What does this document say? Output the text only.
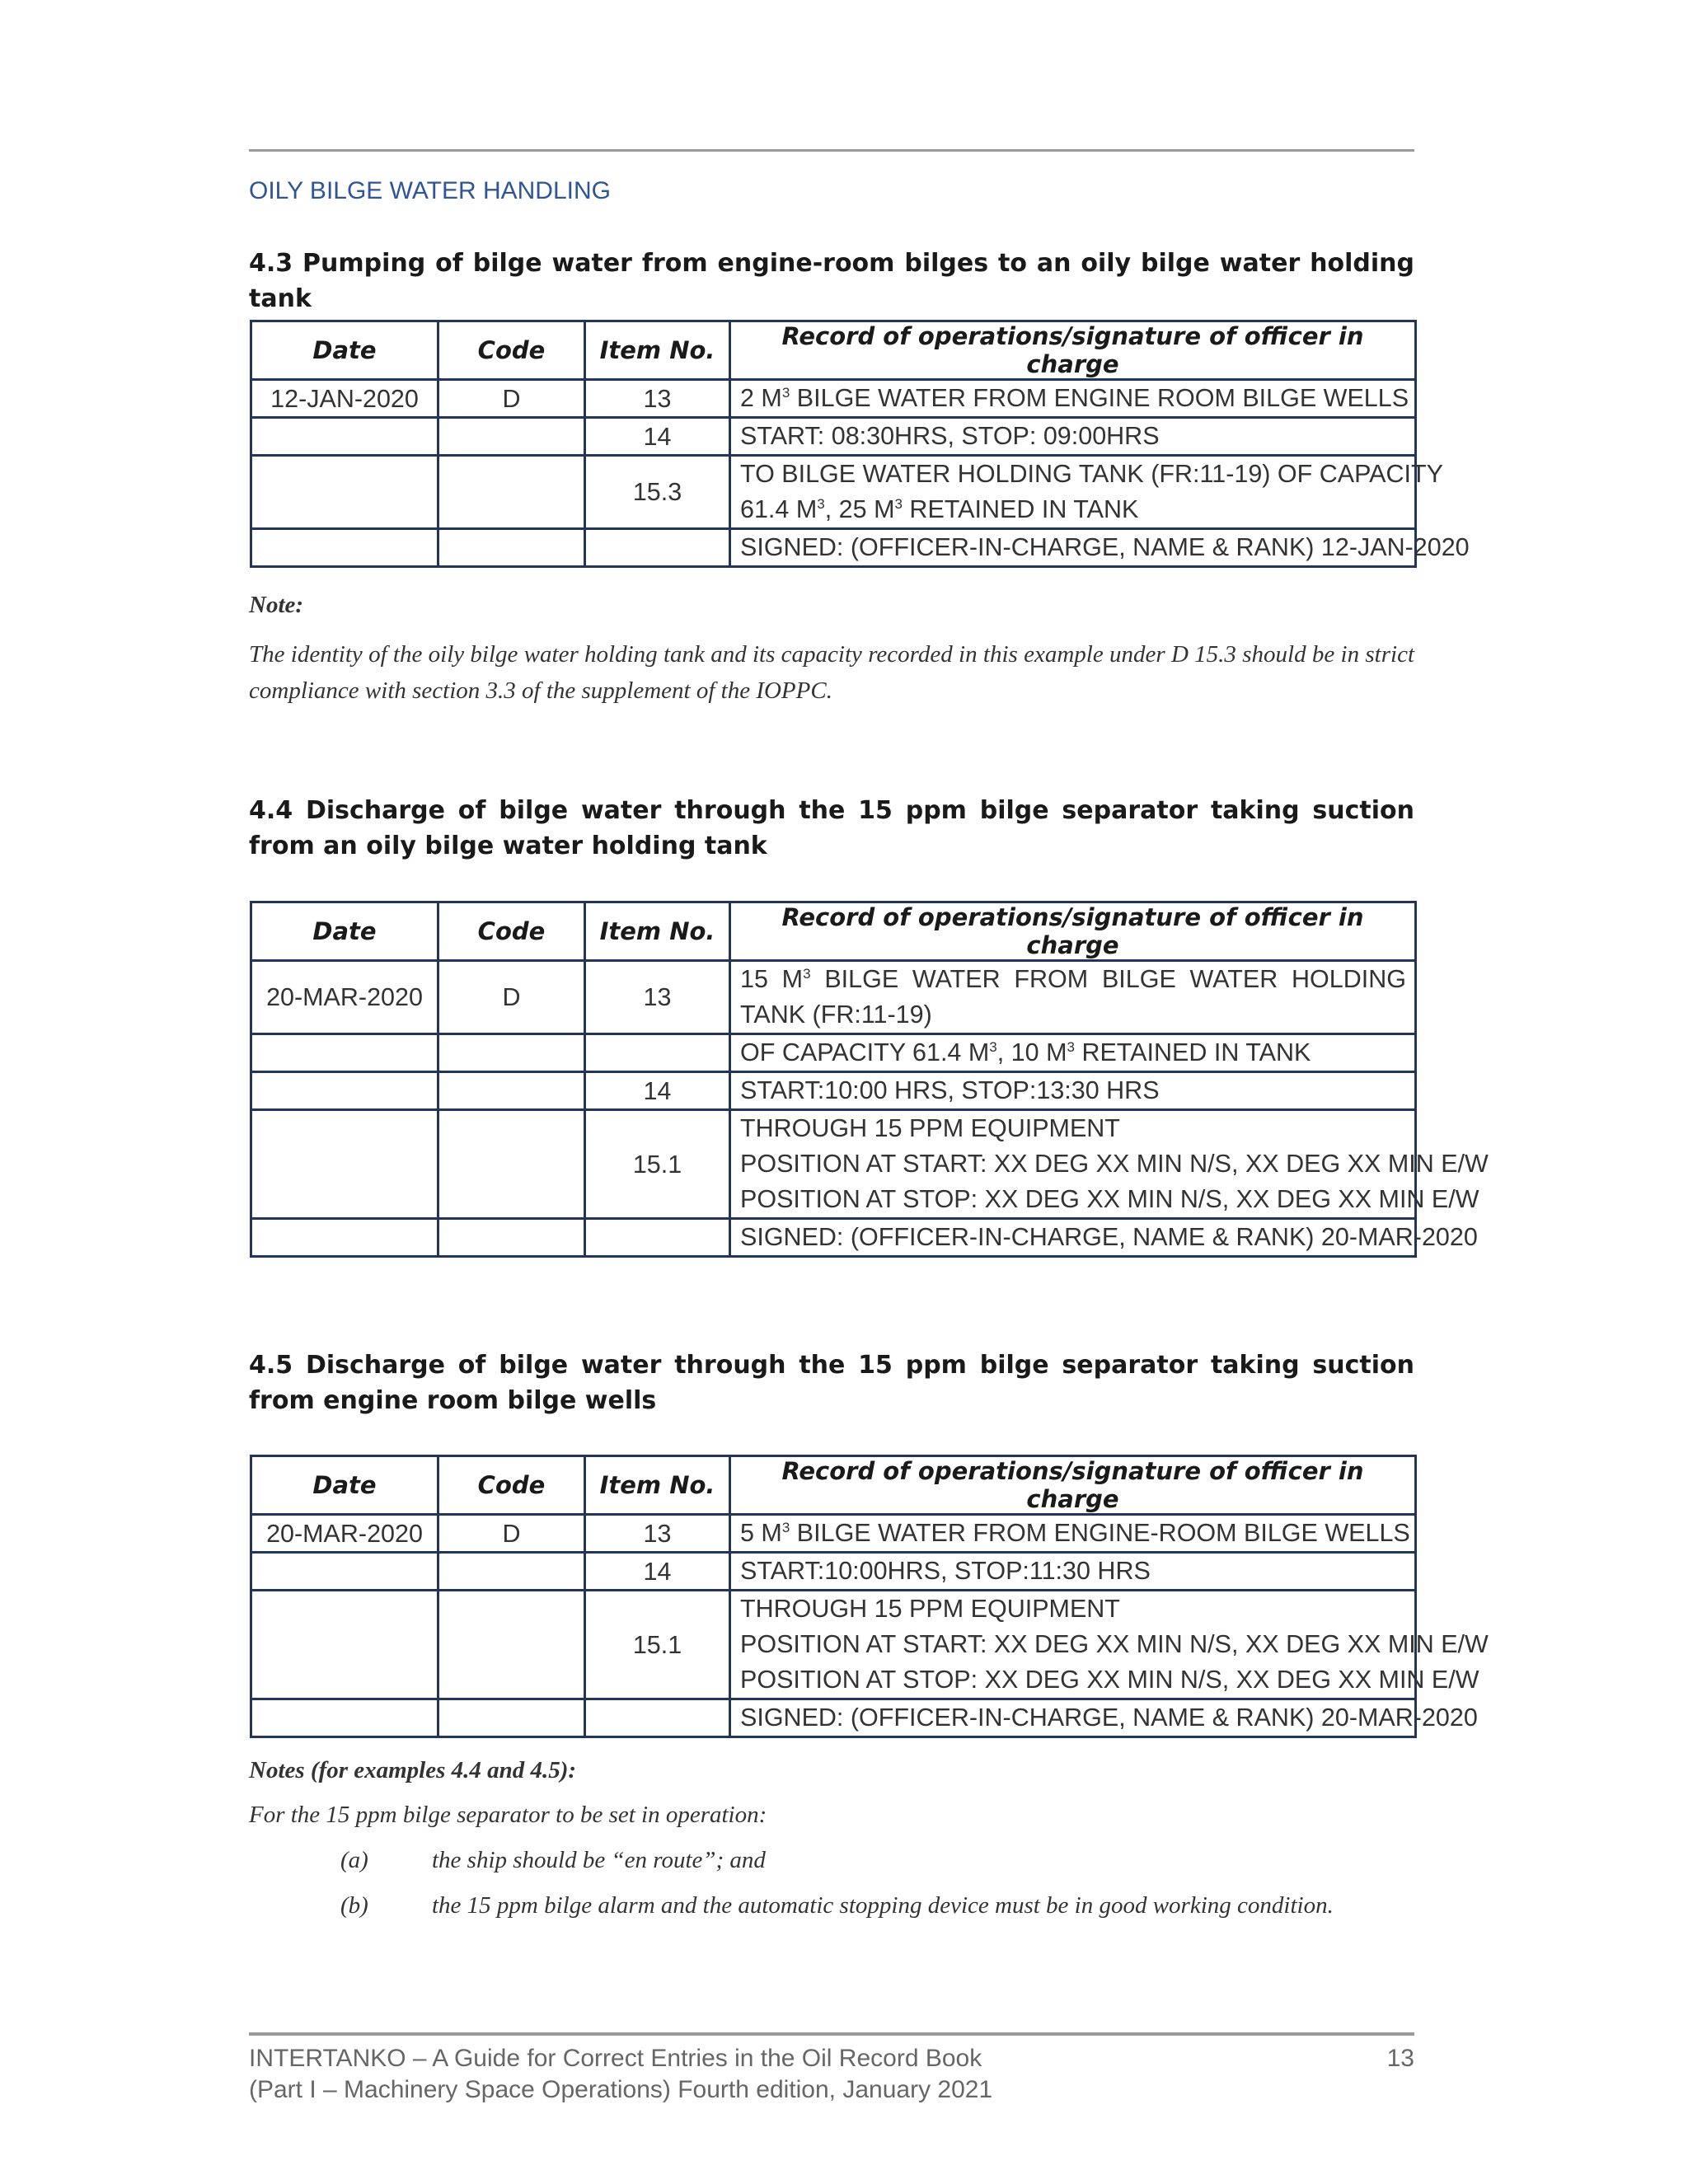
OILY BILGE WATER HANDLING
4.3 Pumping of bilge water from engine-room bilges to an oily bilge water holding tank
Date	Code	Item No.	Record of operations/signature of officer in charge
12-JAN-2020	D	13	2 $M^3$ BILGE WATER FROM ENGINE ROOM BILGE WELLS

		14	START: 08:30HRS, STOP: 09:00HRS

		15.3	TO BILGE WATER HOLDING TANK (FR:11-19) OF CAPACITY
61.4 $M^3$, 25 $M^3$ RETAINED IN TANK

			SIGNED: (OFFICER-IN-CHARGE, NAME & RANK) 12-JAN-2020
Note:
The identity of the oily bilge water holding tank and its capacity recorded in this example under D 15.3 should be in strict compliance with section 3.3 of the supplement of the IOPPC.
4.4 Discharge of bilge water through the 15 ppm bilge separator taking suction from an oily bilge water holding tank
Date	Code	Item No.	Record of operations/signature of officer in charge
20-MAR-2020	D	13	15 $M^3$ BILGE WATER FROM BILGE WATER HOLDING TANK (FR:11-19)

			OF CAPACITY 61.4 $M^3$, 10 $M^3$ RETAINED IN TANK

		14	START:10:00 HRS, STOP:13:30 HRS

		15.1	THROUGH 15 PPM EQUIPMENT
POSITION AT START: XX DEG XX MIN N/S, XX DEG XX MIN E/W
POSITION AT STOP: XX DEG XX MIN N/S, XX DEG XX MIN E/W

			SIGNED: (OFFICER-IN-CHARGE, NAME & RANK) 20-MAR-2020
4.5 Discharge of bilge water through the 15 ppm bilge separator taking suction from engine room bilge wells
Date	Code	Item No.	Record of operations/signature of officer in charge
20-MAR-2020	D	13	5 $M^3$ BILGE WATER FROM ENGINE-ROOM BILGE WELLS

		14	START:10:00HRS, STOP:11:30 HRS

		15.1	THROUGH 15 PPM EQUIPMENT
POSITION AT START: XX DEG XX MIN N/S, XX DEG XX MIN E/W
POSITION AT STOP: XX DEG XX MIN N/S, XX DEG XX MIN E/W

			SIGNED: (OFFICER-IN-CHARGE, NAME & RANK) 20-MAR-2020
Notes (for examples 4.4 and 4.5):
For the 15 ppm bilge separator to be set in operation:
(a)	the ship should be “en route”; and
(b)	the 15 ppm bilge alarm and the automatic stopping device must be in good working condition.
INTERTANKO – A Guide for Correct Entries in the Oil Record Book
(Part I – Machinery Space Operations) Fourth edition, January 2021
13
